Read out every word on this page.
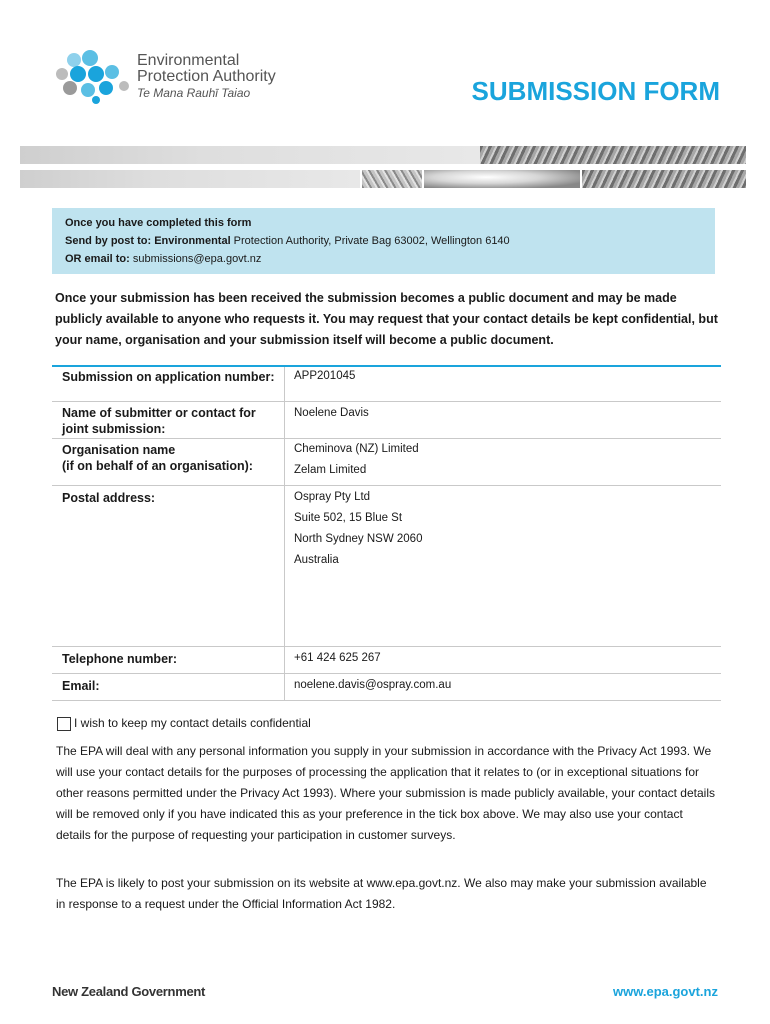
Environmental
Protection Authority
Te Mana Rauhī Taiao	SUBMISSION FORM
Once you have completed this form
Send by post to: Environmental Protection Authority, Private Bag 63002, Wellington 6140
OR email to: submissions@epa.govt.nz
Once your submission has been received the submission becomes a public document and may be made publicly available to anyone who requests it. You may request that your contact details be kept confidential, but your name, organisation and your submission itself will become a public document.
Submission on application number: APP201045
Name of submitter or contact for joint submission:
Noelene Davis
Organisation name
(if on behalf of an organisation):
Cheminova (NZ) Limited
Zelam Limited
Postal address:	Ospray Pty Ltd
Suite 502, 15 Blue St
North Sydney NSW 2060
Australia
Telephone number:	+61 424 625 267
Email:	noelene.davis@ospray.com.au
I wish to keep my contact details confidential
The EPA will deal with any personal information you supply in your submission in accordance with the Privacy Act 1993. We will use your contact details for the purposes of processing the application that it relates to (or in exceptional situations for other reasons permitted under the Privacy Act 1993). Where your submission is made publicly available, your contact details will be removed only if you have indicated this as your preference in the tick box above. We may also use your contact details for the purpose of requesting your participation in customer surveys.
The EPA is likely to post your submission on its website at www.epa.govt.nz. We also may make your submission available in response to a request under the Official Information Act 1982.
New Zealand Government	www.epa.govt.nz
